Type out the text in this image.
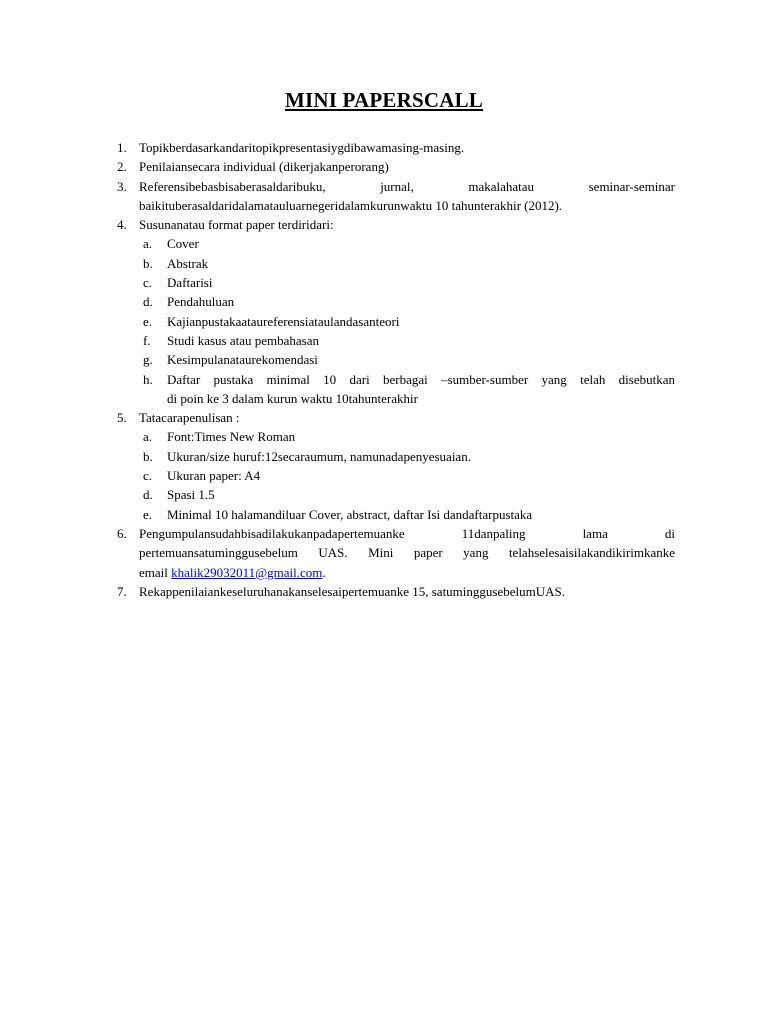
MINI PAPERSCALL
1. Topikberdasarkandaritopikpresentasiygdibawamasing-masing.
2. Penilaiansecara individual (dikerjakanperorang)
3. Referensibebasbisaberasaldaribuku, jurnal, makalahatau seminar-seminar
baikituberasaldaridalamatauluarnegeridalamkurunwaktu 10 tahunterakhir (2012).
4. Susunanatau format paper terdiridari:
a. Cover
b. Abstrak
c. Daftarisi
d. Pendahuluan
e. Kajianpustakaataureferensiataulandasanteori
f. Studi kasus atau pembahasan
g. Kesimpulanataurekomendasi
h. Daftar pustaka minimal 10 dari berbagai –sumber-sumber yang telah disebutkan
di poin ke 3 dalam kurun waktu 10tahunterakhir
5. Tatacarapenulisan :
a. Font:Times New Roman
b. Ukuran/size huruf:12secaraumum, namunadapenyesuaian.
c. Ukuran paper: A4
d. Spasi 1.5
e. Minimal 10 halamandiluar Cover, abstract, daftar Isi dandaftarpustaka
6. Pengumpulansudahbisadilakukanpadapertemuanke 11danpaling lama di
pertemuansatuminggusebelum UAS. Mini paper yang telahselesaisilakandikirimkanke
email khalik29032011@gmail.com.
7. Rekappenilaiankeseluruhanakanselesaipertemuanke 15, satuminggusebelumUAS.
